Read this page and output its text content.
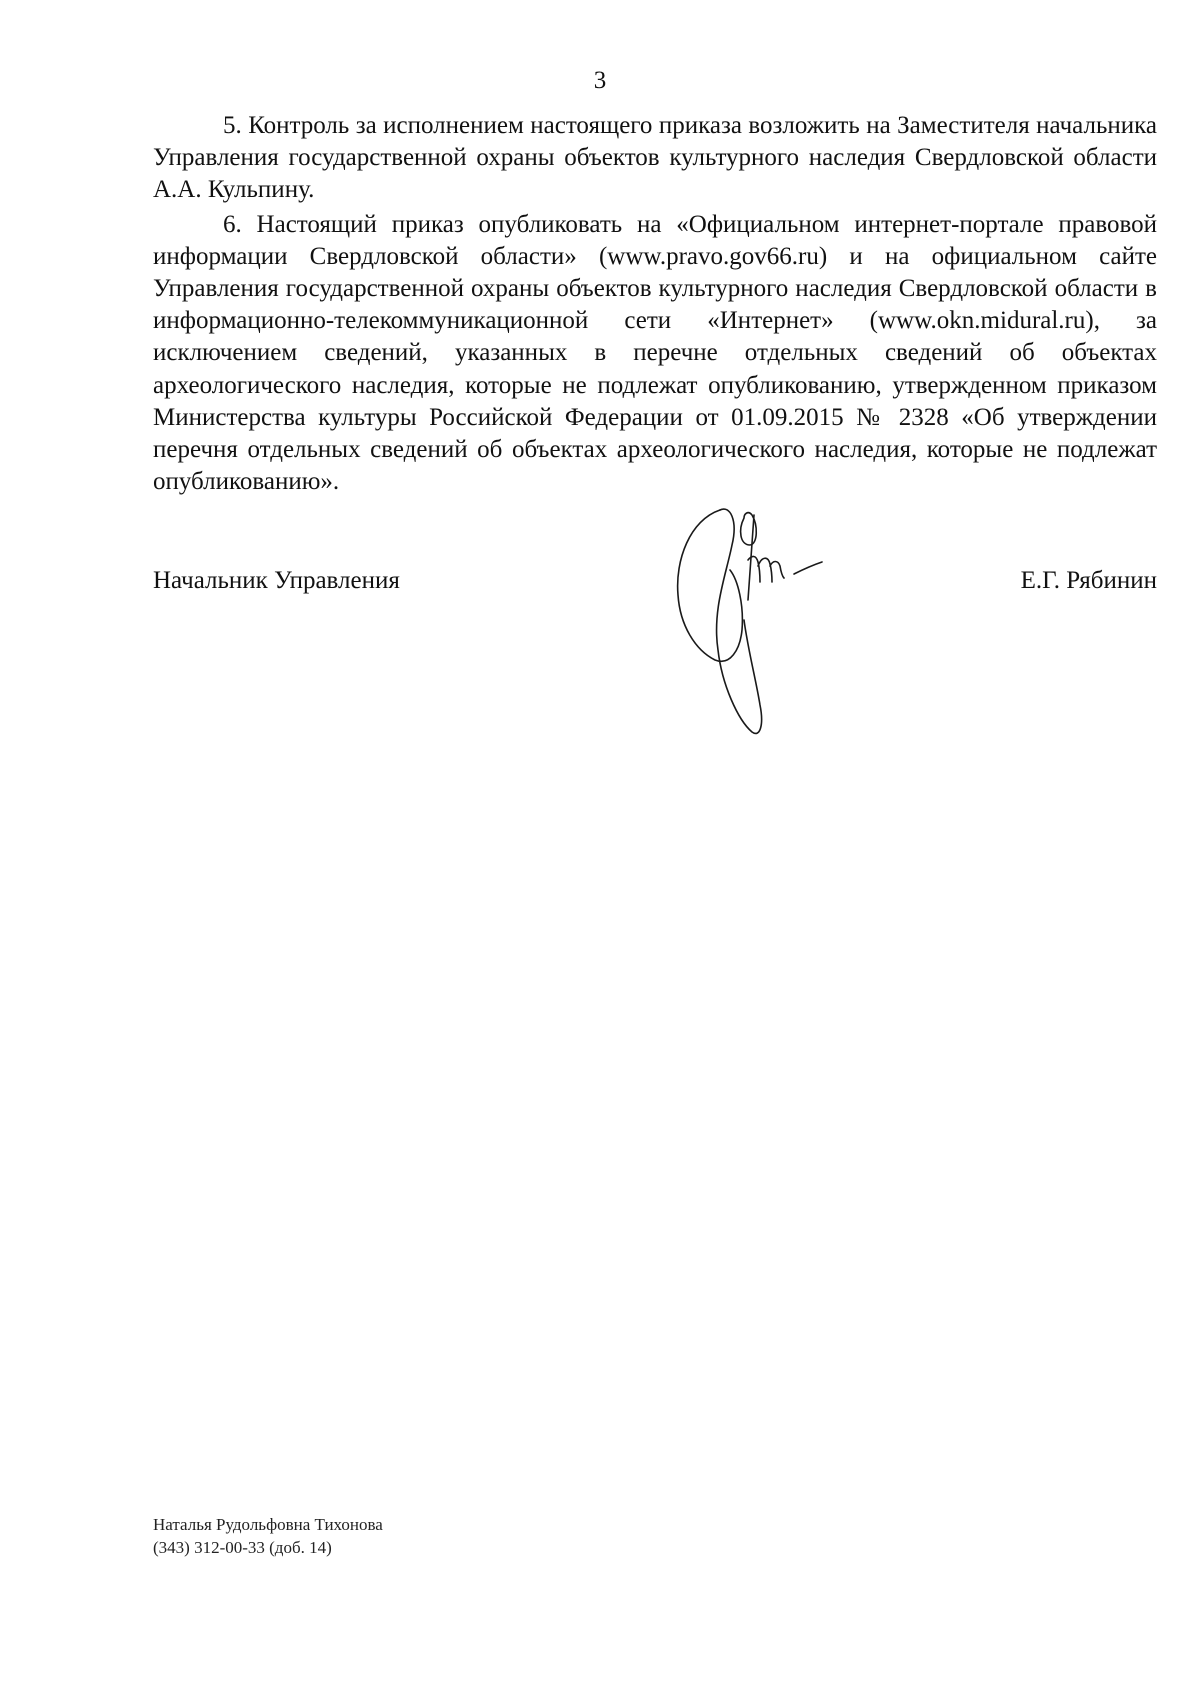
3

5. Контроль за исполнением настоящего приказа возложить на Заместителя начальника Управления государственной охраны объектов культурного наследия Свердловской области А.А. Кульпину.

6. Настоящий приказ опубликовать на «Официальном интернет-портале правовой информации Свердловской области» (www.pravo.gov66.ru) и на официальном сайте Управления государственной охраны объектов культурного наследия Свердловской области в информационно-телекоммуникационной сети «Интернет» (www.okn.midural.ru), за исключением сведений, указанных в перечне отдельных сведений об объектах археологического наследия, которые не подлежат опубликованию, утвержденном приказом Министерства культуры Российской Федерации от 01.09.2015 № 2328 «Об утверждении перечня отдельных сведений об объектах археологического наследия, которые не подлежат опубликованию».

Начальник Управления	Е.Г. Рябинин
Наталья Рудольфовна Тихонова
(343) 312-00-33 (доб. 14)
